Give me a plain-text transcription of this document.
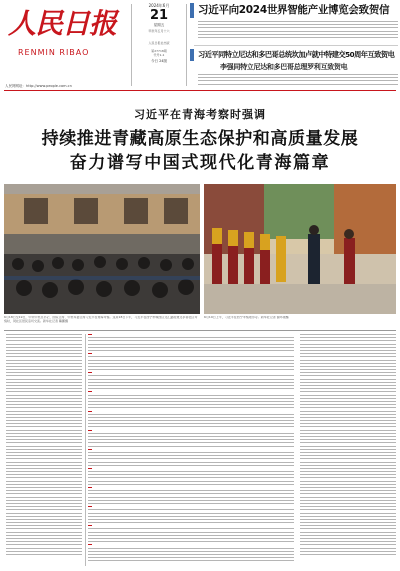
人民日报
RENMIN RIBAO
人民网网址：http://www.people.com.cn
2024年6月
21
星期五
甲辰年五月十六
人民日报社出版
第27718期
代号1-1
今日 24版
习近平向2024世界智能产业博览会致贺信
习近平同特立尼达和多巴哥总统坎加卢就中特建交50周年互致贺电
李强同特立尼达和多巴哥总理罗利互致贺电
习近平在青海考察时强调
持续推进青藏高原生态保护和高质量发展
奋力谱写中国式现代化青海篇章
6月18日至19日，中共中央总书记、国家主席、中央军委主席习近平在青海考察。这是18日下午，习近平在西宁市城西区文汇路街道文亭巷社区考察时，同社区居民亲切交流。新华社记者 鞠鹏摄
6月19日上午，习近平在西宁考察塔尔寺。新华社记者 谢环驰摄
